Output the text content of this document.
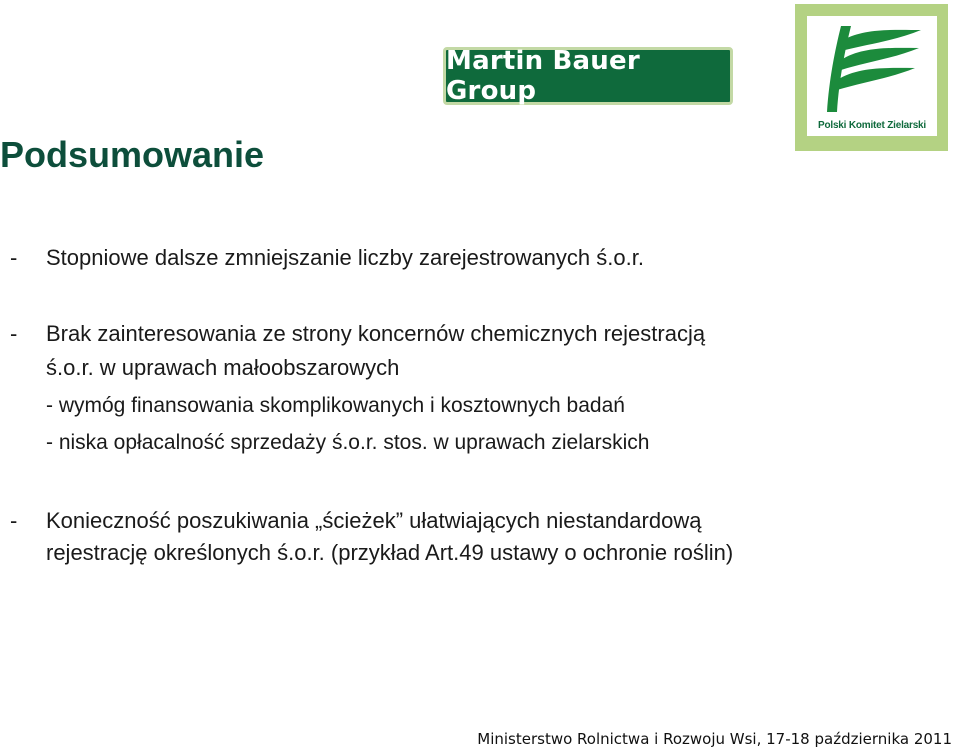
Martin Bauer Group
Polski Komitet Zielarski
Podsumowanie
- Stopniowe dalsze zmniejszanie liczby zarejestrowanych ś.o.r.
- Brak zainteresowania ze strony koncernów chemicznych rejestracją
ś.o.r. w uprawach małoobszarowych
- wymóg finansowania skomplikowanych i kosztownych badań
- niska opłacalność sprzedaży ś.o.r. stos. w uprawach zielarskich
- Konieczność poszukiwania „ścieżek” ułatwiających niestandardową
rejestrację określonych ś.o.r. (przykład Art.49 ustawy o ochronie roślin)
Ministerstwo Rolnictwa i Rozwoju Wsi, 17-18 października 2011
